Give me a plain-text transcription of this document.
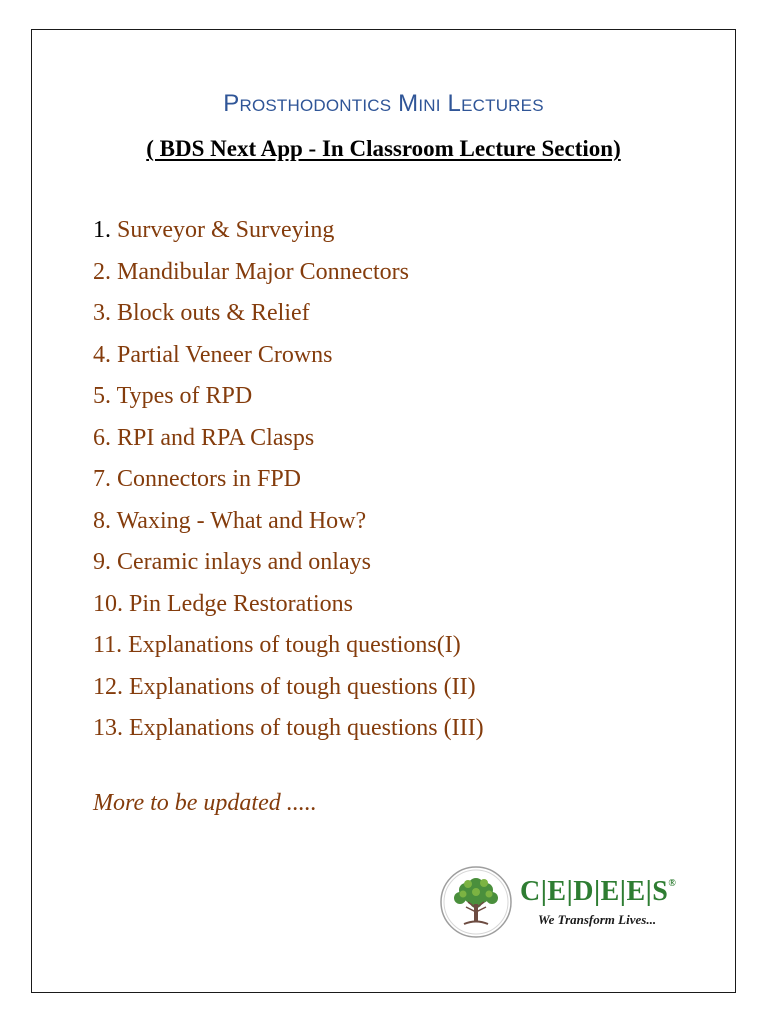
Prosthodontics Mini Lectures
( BDS Next App - In Classroom Lecture Section)
1. Surveyor & Surveying
2. Mandibular Major Connectors
3. Block outs & Relief
4. Partial Veneer Crowns
5. Types of RPD
6. RPI and RPA Clasps
7. Connectors in FPD
8. Waxing - What and How?
9. Ceramic inlays and onlays
10. Pin Ledge Restorations
11. Explanations of tough questions(I)
12. Explanations of tough questions (II)
13. Explanations of tough questions (III)
More to be updated .....
C|E|D|E|E|S®
We Transform Lives...
